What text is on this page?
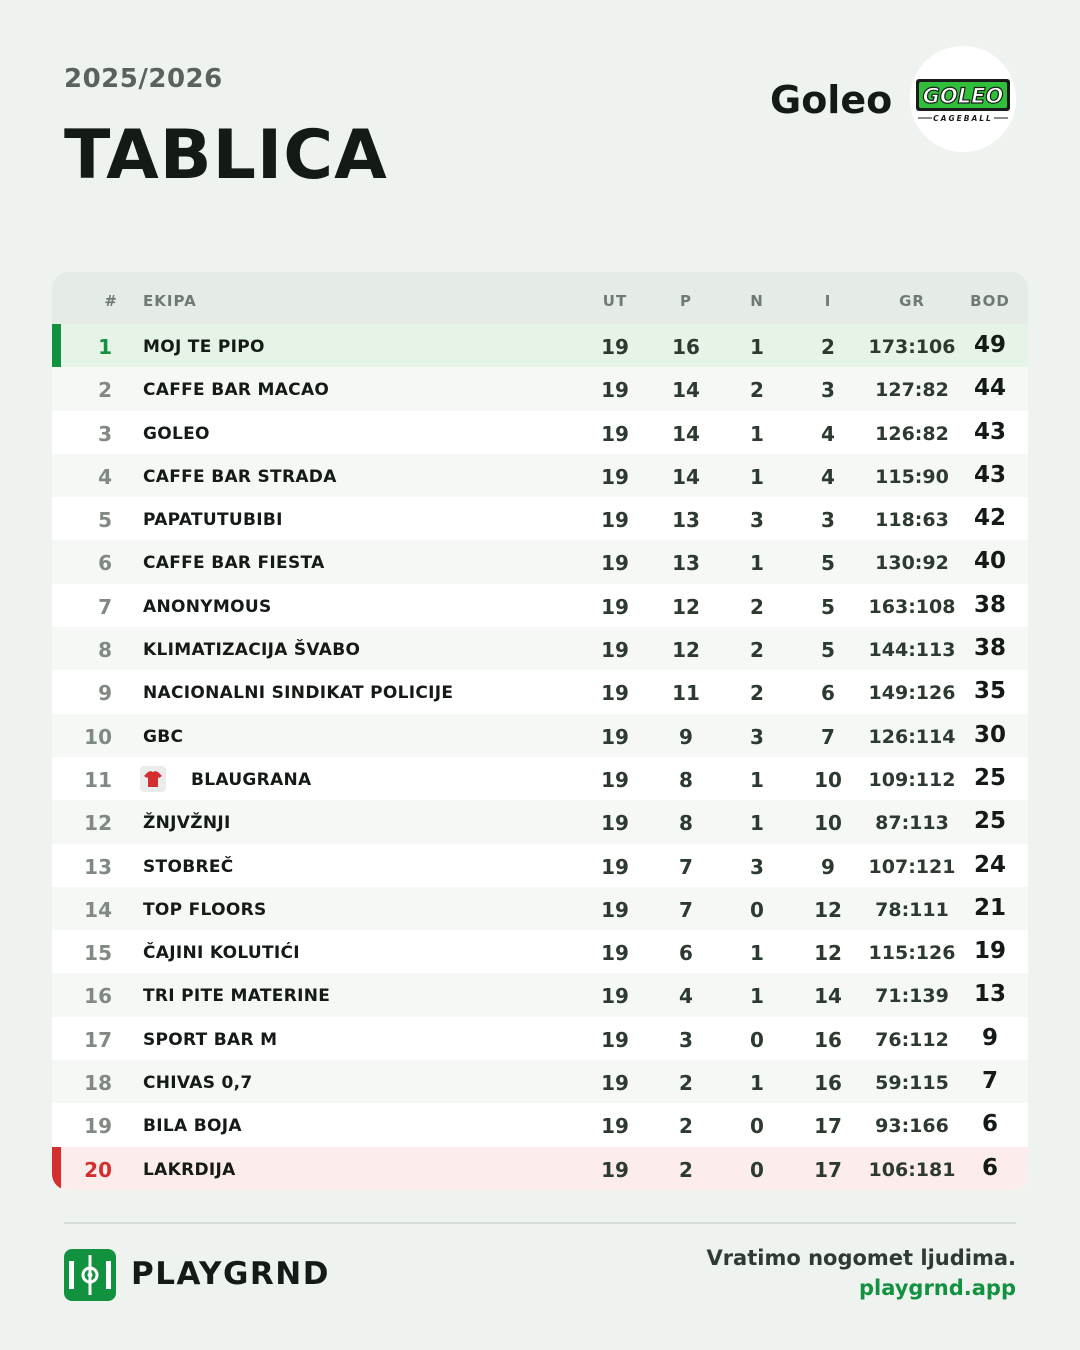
2025/2026
TABLICA
Goleo GOLEO
CAGEBALL
# EKIPA	UT	P	N	I	GR	BOD
1 MOJ TE PIPO	19	16	1	2	173:106 49
2 CAFFE BAR MACAO	19	14	2	3	127:82	44
3 GOLEO	19	14	1	4	126:82	43
4 CAFFE BAR STRADA	19	14	1	4	115:90	43
5 PAPATUTUBIBI	19	13	3	3	118:63	42
6 CAFFE BAR FIESTA	19	13	1	5	130:92	40
7 ANONYMOUS	19	12	2	5	163:108 38
8 KLIMATIZACIJA ŠVABO	19	12	2	5	144:113 38
9 NACIONALNI SINDIKAT POLICIJE	19	11	2	6	149:126 35
10 GBC	19	9	3	7	126:114 30
11	BLAUGRANA	19	8	1	10	109:112 25
12 ŽNJVŽNJI	19	8	1	10	87:113	25
13 STOBREČ	19	7	3	9	107:121 24
14 TOP FLOORS	19	7	0	12	78:111	21
15 ČAJINI KOLUTIĆI	19	6	1	12	115:126 19
16 TRI PITE MATERINE	19	4	1	14	71:139	13
17 SPORT BAR M	19	3	0	16	76:112	9
18 CHIVAS 0,7	19	2	1	16	59:115	7
19 BILA BOJA	19	2	0	17	93:166	6
20 LAKRDIJA	19	2	0	17	106:181	6
PLAYGRND	Vratimo nogomet ljudima.
playgrnd.app
